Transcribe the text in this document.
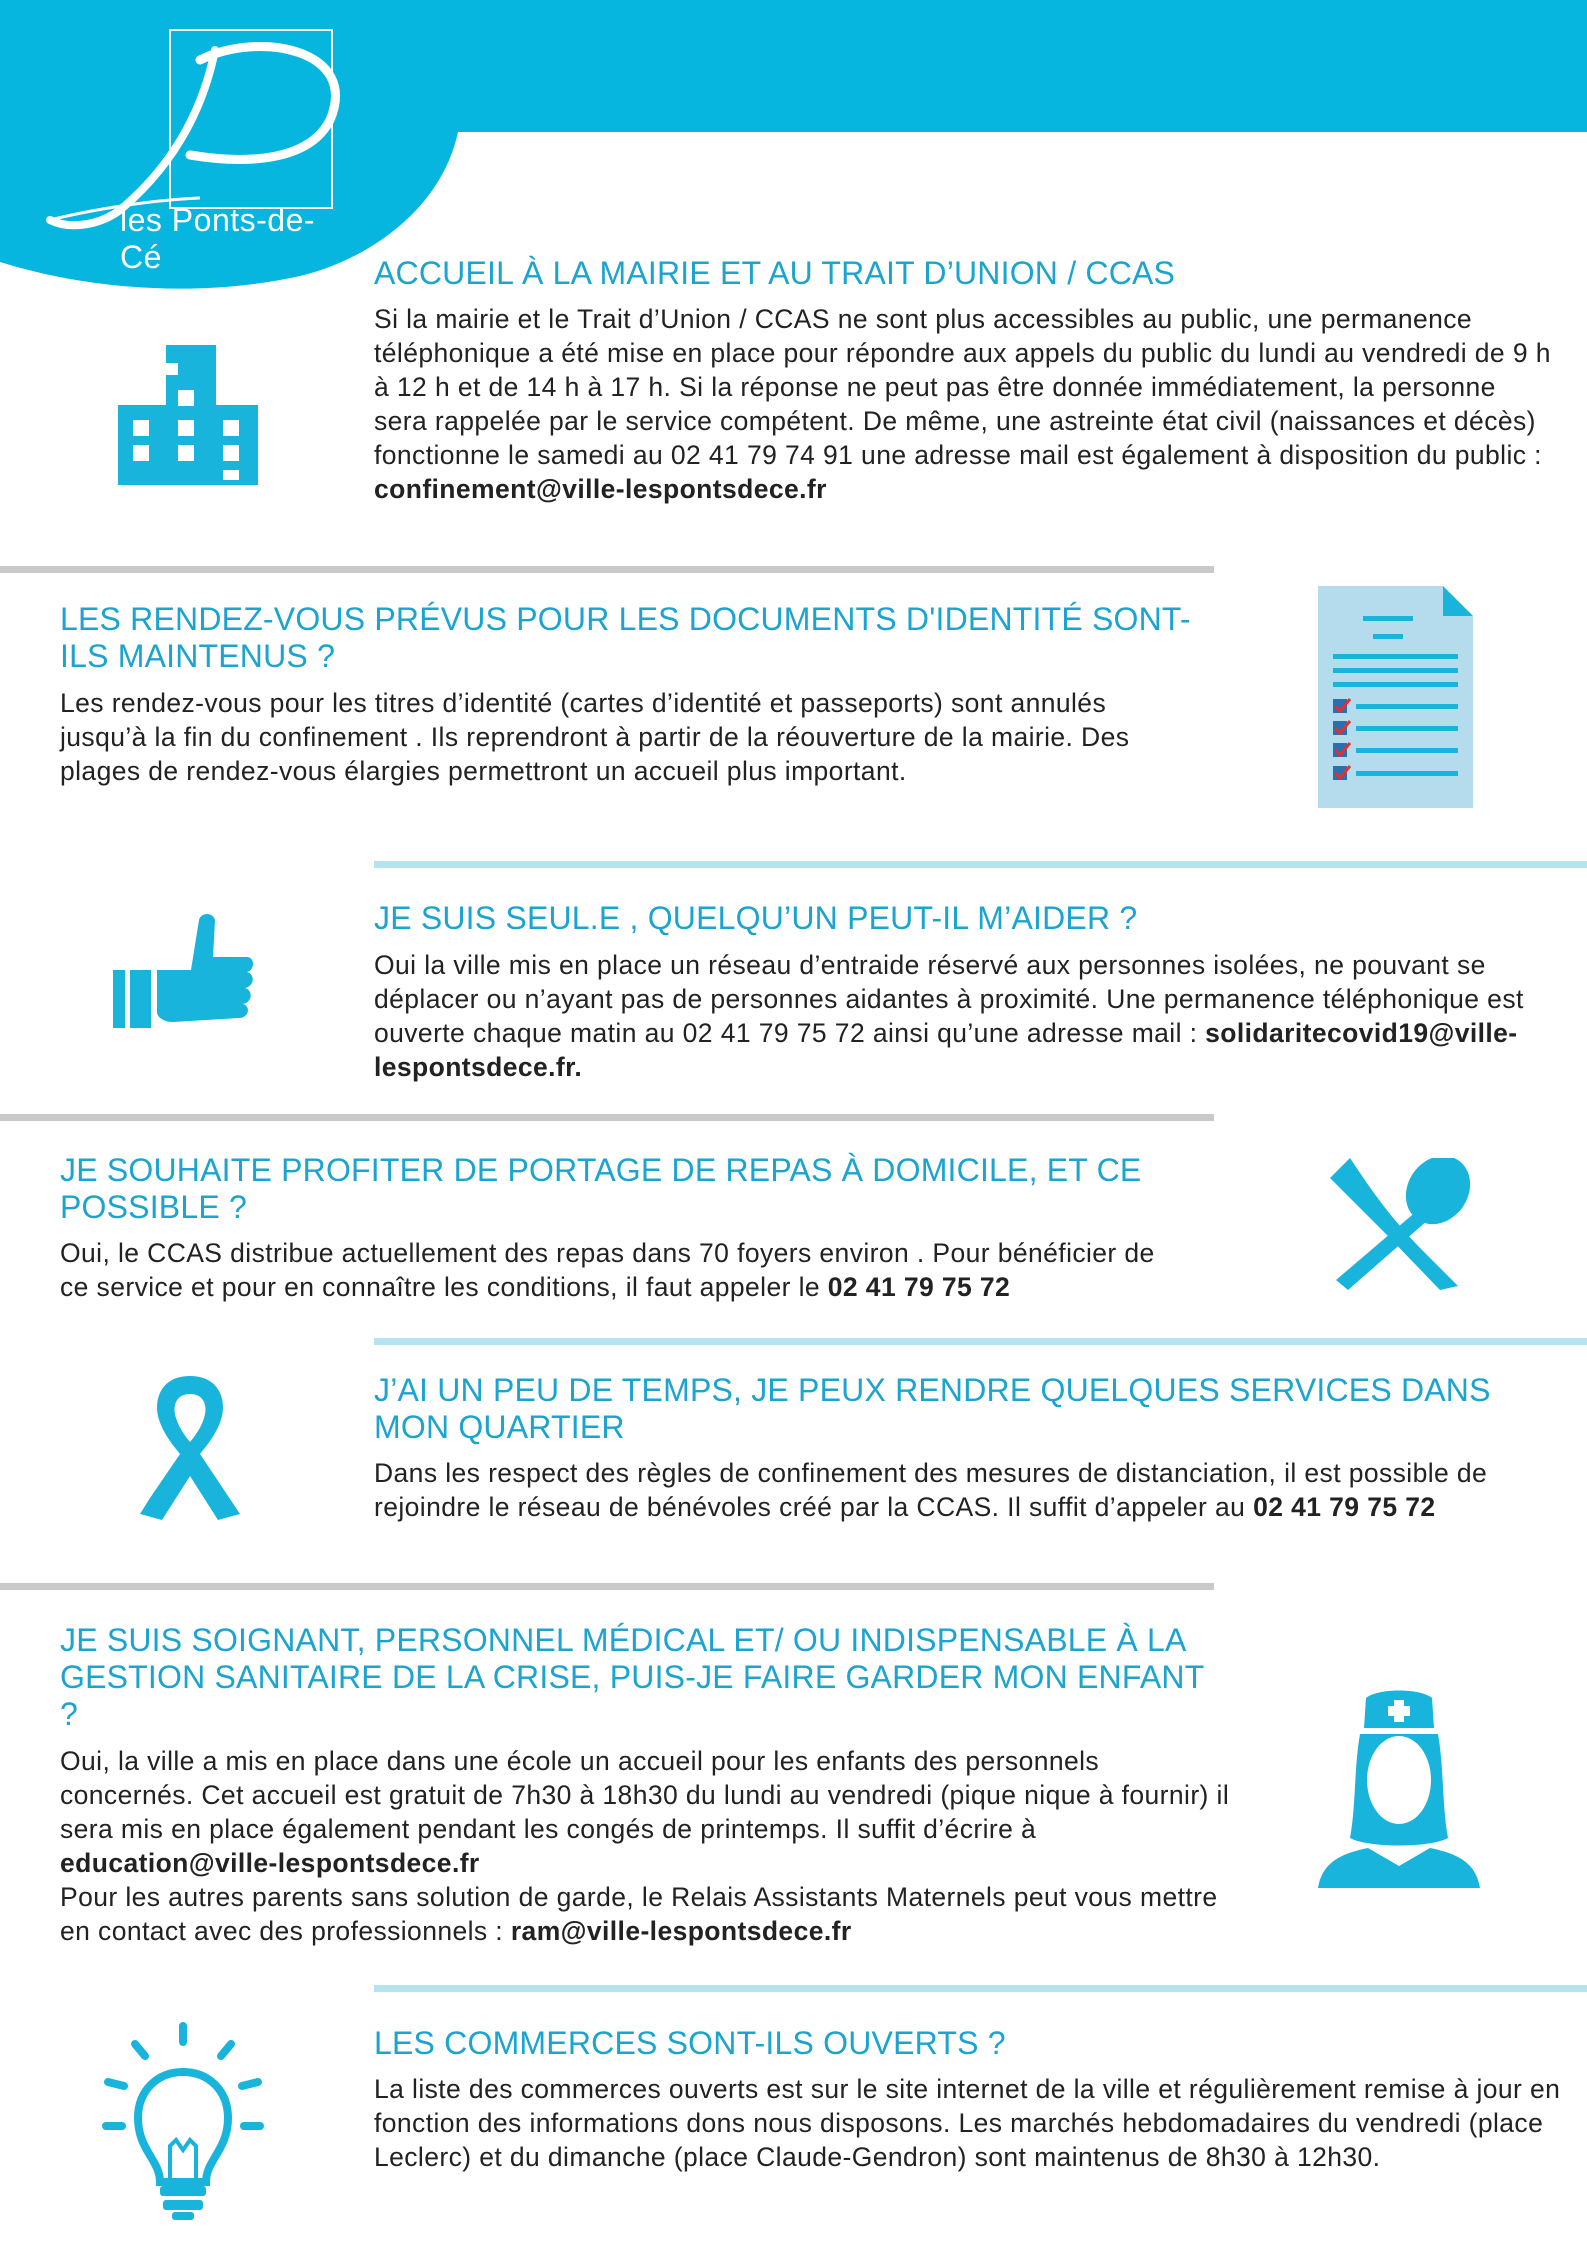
les Ponts-de-Cé	ACCUEIL À LA MAIRIE ET AU TRAIT D’UNION / CCAS

Si la mairie et le Trait d’Union / CCAS ne sont plus accessibles au public, une permanence téléphonique a été mise en place pour répondre aux appels du public du lundi au vendredi de 9 h à 12 h et de 14 h à 17 h. Si la réponse ne peut pas être donnée immédiatement, la personne sera rappelée par le service compétent. De même, une astreinte état civil (naissances et décès) fonctionne le samedi au 02 41 79 74 91 une adresse mail est également à disposition du public : confinement@ville-lespontsdece.fr

LES RENDEZ-VOUS PRÉVUS POUR LES DOCUMENTS D'IDENTITÉ SONT-ILS MAINTENUS ?

Les rendez-vous pour les titres d’identité (cartes d’identité et passeports) sont annulés jusqu’à la fin du confinement . Ils reprendront à partir de la réouverture de la mairie. Des plages de rendez-vous élargies permettront un accueil plus important.

JE SUIS SEUL.E , QUELQU’UN PEUT-IL M’AIDER ?

Oui la ville mis en place un réseau d’entraide réservé aux personnes isolées, ne pouvant se déplacer ou n’ayant pas de personnes aidantes à proximité. Une permanence téléphonique est ouverte chaque matin au 02 41 79 75 72 ainsi qu’une adresse mail : solidaritecovid19@ville-lespontsdece.fr.

JE SOUHAITE PROFITER DE PORTAGE DE REPAS À DOMICILE, ET CE POSSIBLE ?

Oui, le CCAS distribue actuellement des repas dans 70 foyers environ . Pour bénéficier de ce service et pour en connaître les conditions, il faut appeler le 02 41 79 75 72

J’AI UN PEU DE TEMPS, JE PEUX RENDRE QUELQUES SERVICES DANS MON QUARTIER

Dans les respect des règles de confinement des mesures de distanciation, il est possible de rejoindre le réseau de bénévoles créé par la CCAS. Il suffit d’appeler au 02 41 79 75 72

JE SUIS SOIGNANT, PERSONNEL MÉDICAL ET/ OU INDISPENSABLE À LA GESTION SANITAIRE DE LA CRISE, PUIS-JE FAIRE GARDER MON ENFANT ?

Oui, la ville a mis en place dans une école un accueil pour les enfants des personnels concernés. Cet accueil est gratuit de 7h30 à 18h30 du lundi au vendredi (pique nique à fournir) il sera mis en place également pendant les congés de printemps. Il suffit d’écrire à education@ville-lespontsdece.fr
Pour les autres parents sans solution de garde, le Relais Assistants Maternels peut vous mettre en contact avec des professionnels : ram@ville-lespontsdece.fr

LES COMMERCES SONT-ILS OUVERTS ?

La liste des commerces ouverts est sur le site internet de la ville et régulièrement remise à jour en fonction des informations dons nous disposons. Les marchés hebdomadaires du vendredi (place Leclerc) et du dimanche (place Claude-Gendron) sont maintenus de 8h30 à 12h30.
